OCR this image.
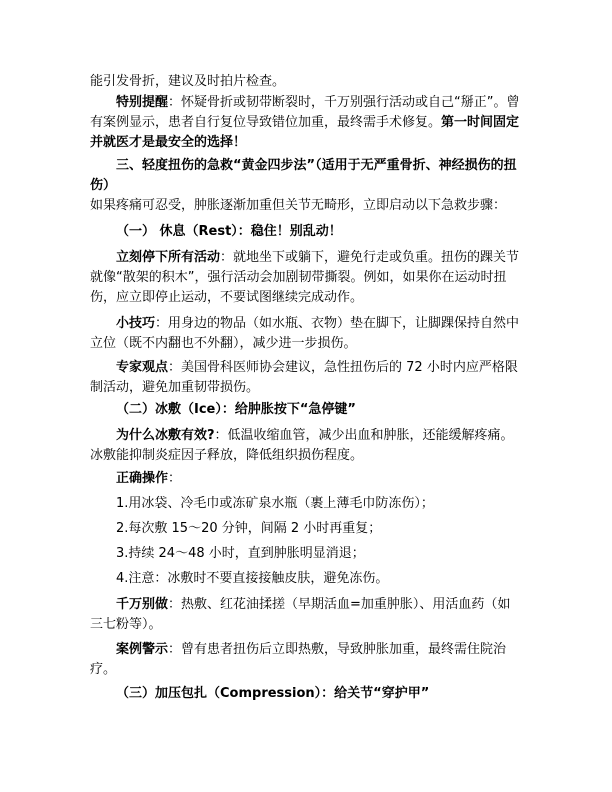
能引发骨折，建议及时拍片检查。

特别提醒：怀疑骨折或韧带断裂时，千万别强行活动或自己“掰正”。曾有案例显示，患者自行复位导致错位加重，最终需手术修复。第一时间固定并就医才是最安全的选择！

三、轻度扭伤的急救“黄金四步法”（适用于无严重骨折、神经损伤的扭伤）

如果疼痛可忍受，肿胀逐渐加重但关节无畸形，立即启动以下急救步骤：

（一） 休息（Rest）：稳住！别乱动！

立刻停下所有活动：就地坐下或躺下，避免行走或负重。扭伤的踝关节就像“散架的积木”，强行活动会加剧韧带撕裂。例如，如果你在运动时扭伤，应立即停止运动，不要试图继续完成动作。

小技巧：用身边的物品（如水瓶、衣物）垫在脚下，让脚踝保持自然中立位（既不内翻也不外翻），减少进一步损伤。

专家观点：美国骨科医师协会建议，急性扭伤后的 72 小时内应严格限制活动，避免加重韧带损伤。

（二）冰敷（Ice）：给肿胀按下“急停键”

为什么冰敷有效?：低温收缩血管，减少出血和肿胀，还能缓解疼痛。冰敷能抑制炎症因子释放，降低组织损伤程度。

正确操作：

1.用冰袋、冷毛巾或冻矿泉水瓶（裹上薄毛巾防冻伤）；

2.每次敷 15～20 分钟，间隔 2 小时再重复；

3.持续 24～48 小时，直到肿胀明显消退；

4.注意：冰敷时不要直接接触皮肤，避免冻伤。

千万别做：热敷、红花油揉搓（早期活血=加重肿胀）、用活血药（如三七粉等）。

案例警示：曾有患者扭伤后立即热敷，导致肿胀加重，最终需住院治疗。

（三）加压包扎（Compression）：给关节“穿护甲”
